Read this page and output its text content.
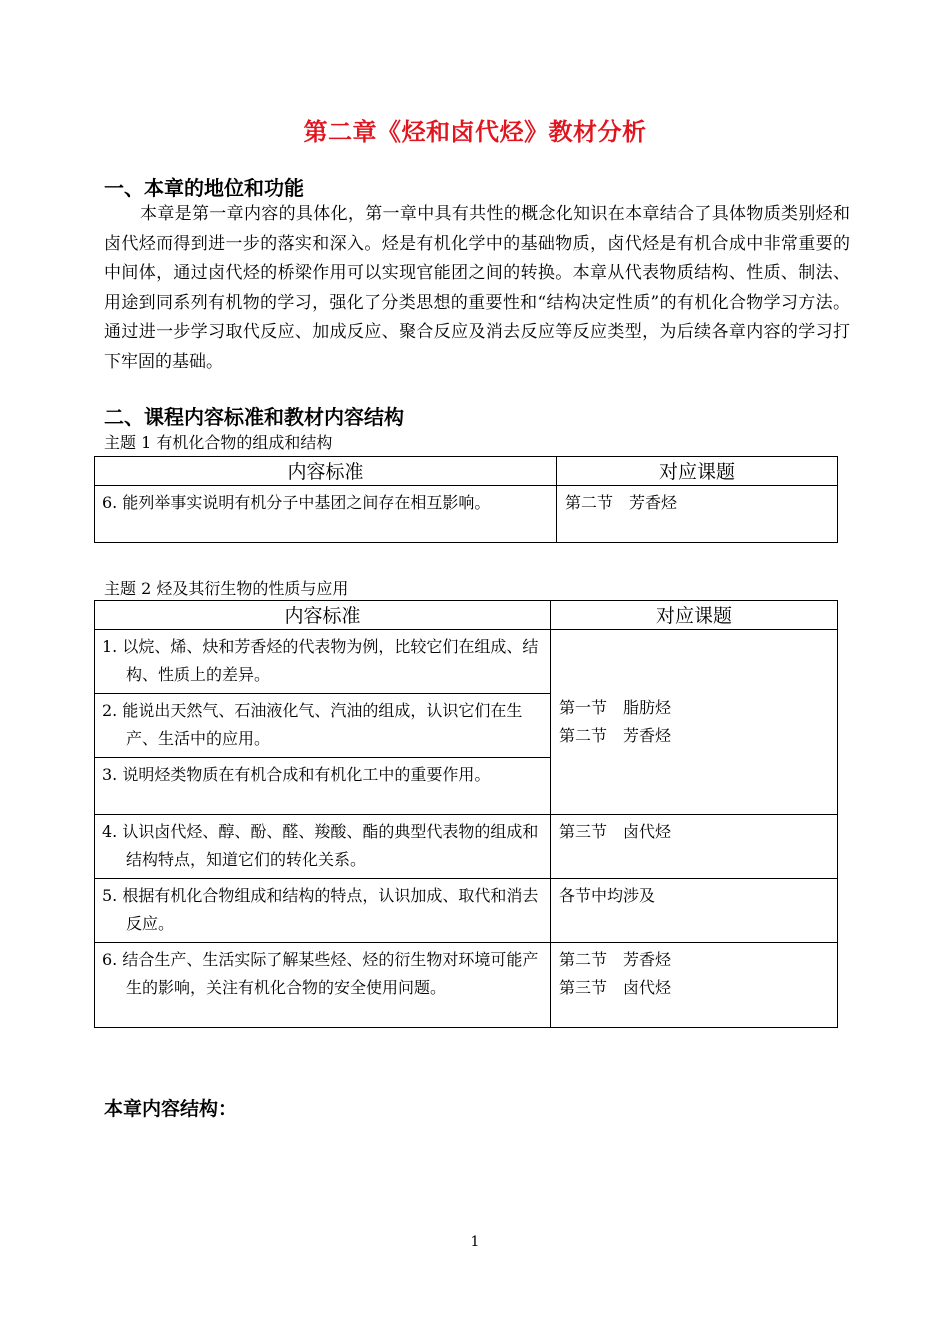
第二章《烃和卤代烃》教材分析
一、本章的地位和功能

本章是第一章内容的具体化，第一章中具有共性的概念化知识在本章结合了具体物质类别烃和卤代烃而得到进一步的落实和深入。烃是有机化学中的基础物质，卤代烃是有机合成中非常重要的中间体，通过卤代烃的桥梁作用可以实现官能团之间的转换。本章从代表物质结构、性质、制法、用途到同系列有机物的学习，强化了分类思想的重要性和“结构决定性质”的有机化合物学习方法。通过进一步学习取代反应、加成反应、聚合反应及消去反应等反应类型，为后续各章内容的学习打下牢固的基础。

二、课程内容标准和教材内容结构
主题 1 有机化合物的组成和结构
内容标准	对应课题

6. 能列举事实说明有机分子中基团之间存在相互影响。	第二节　芳香烃
主题 2 烃及其衍生物的性质与应用
内容标准	对应课题

1. 以烷、烯、炔和芳香烃的代表物为例，比较它们在组成、结构、性质上的差异。	第一节　脂肪烃
第二节　芳香烃

2. 能说出天然气、石油液化气、汽油的组成，认识它们在生产、生活中的应用。	

3. 说明烃类物质在有机合成和有机化工中的重要作用。	

4. 认识卤代烃、醇、酚、醛、羧酸、酯的典型代表物的组成和结构特点，知道它们的转化关系。	第三节　卤代烃

5. 根据有机化合物组成和结构的特点，认识加成、取代和消去反应。	各节中均涉及

6. 结合生产、生活实际了解某些烃、烃的衍生物对环境可能产生的影响，关注有机化合物的安全使用问题。	第二节　芳香烃
第三节　卤代烃
本章内容结构：
1
